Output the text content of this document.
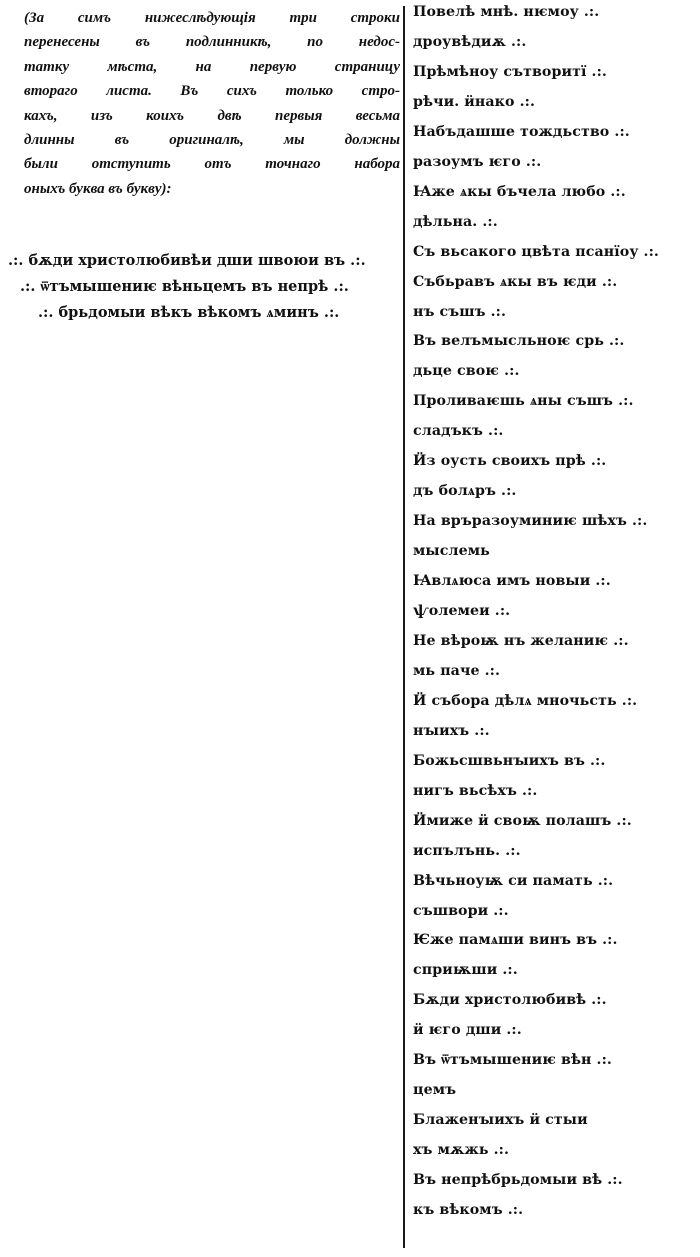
(За симъ нижеслѣдующія три строки
перенесены въ подлинникѣ, по недос-
татку мѣста, на первую страницу
втораго листа. Въ сихъ только стро-
кахъ, изъ коихъ двѣ первыя весьма
длинны въ оригиналѣ, мы должны
были отступить отъ точнаго набора
оныхъ буква въ букву):
.:. бѫди христолюбивѣи дши швоюи въ .:.
.:. ѿтъмышениѥ вѣньцемъ въ непрѣ .:.
.:. брьдомыи вѣкъ вѣкомъ ѧминъ .:.
Повелѣ мнѣ. нѥмоу .:.
дроувѣдиѫ .:.
Прѣмѣноу сътворитї .:.
рѣчи. ӥнако .:.
Набъдашше тождьство .:.
разоумъ ѥго .:.
Ꙗже ѧкы бъчела любо .:.
дѣльна. .:.
Съ вьсакого цвѣта псанїоу .:.
Събьравъ ѧкы въ ѥди .:.
нъ съшъ .:.
Въ велъмысльноѥ срь .:.
дьце своѥ .:.
Проливаѥшь ѧны съшъ .:.
сладъкъ .:.
Ӥз оусть своихъ прѣ .:.
дъ болѧръ .:.
На връразоуминиѥ шѣхъ .:.
мыслемь
Ꙗвлѧюса имъ новыи .:.
ѱолемеи .:.
Не вѣроѭ нъ желаниѥ .:.
мь паче .:.
Ӥ събора дѣлѧ мночьсть .:.
нꙑихъ .:.
Божьсшвьнꙑихъ въ .:.
нигъ вьсѣхъ .:.
Ӥмиже ӥ своѭ полашъ .:.
испълънь. .:.
Вѣчьноуѭ си памать .:.
съшвори .:.
Ѥже памѧши винъ въ .:.
сприѭши .:.
Бѫди христолюбивѣ .:.
ӥ ѥго дши .:.
Въ ѿтъмышениѥ вѣн .:.
цемъ
Блаженꙑихъ ӥ стыи
хъ мѫжь .:.
Въ непрѣбрьдомыи вѣ .:.
къ вѣкомъ .:.
